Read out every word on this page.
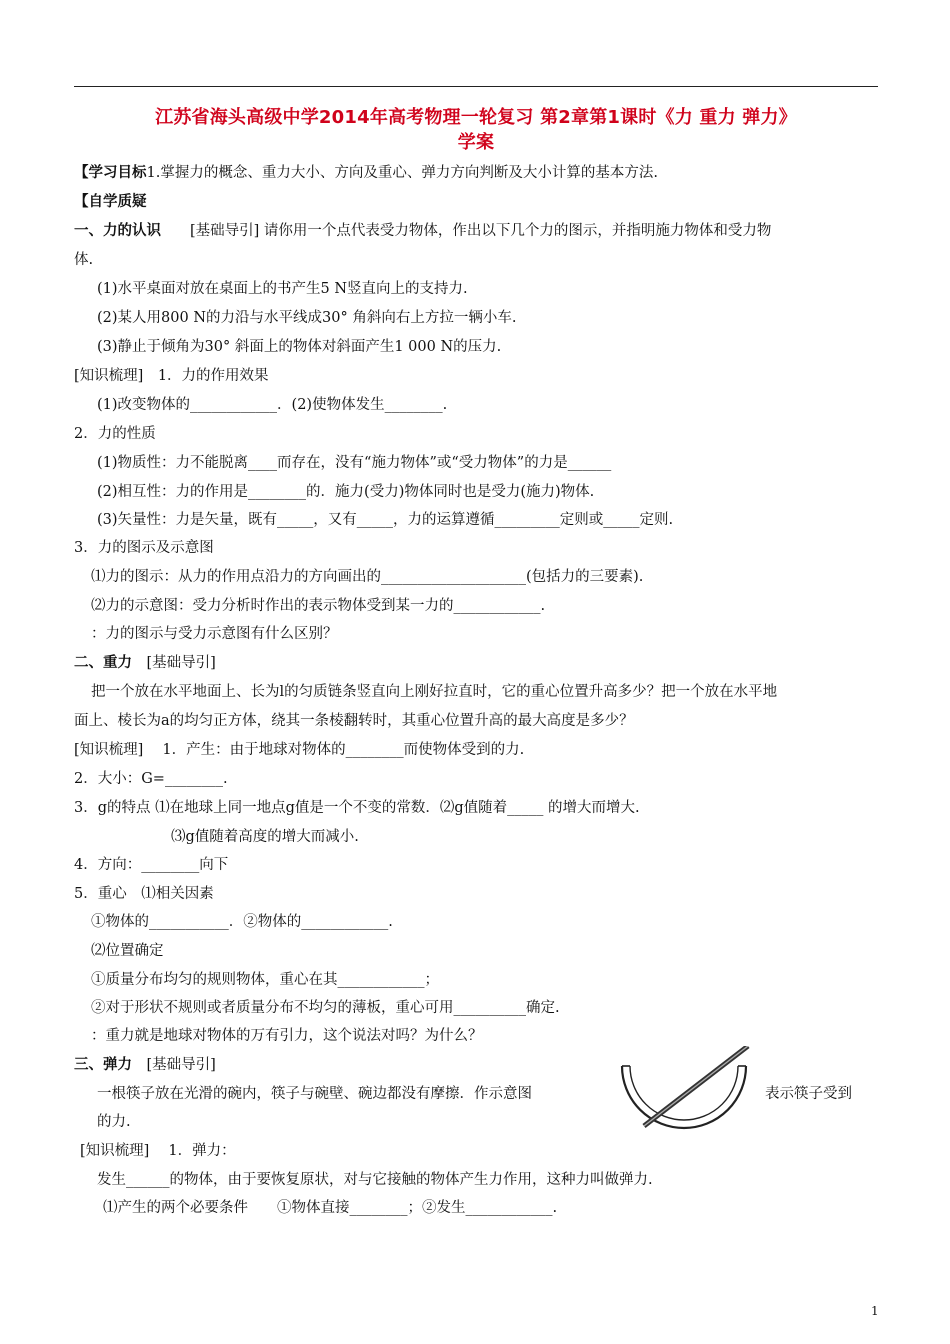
江苏省海头高级中学2014年高考物理一轮复习 第2章第1课时《力 重力 弹力》
学案
【学习目标1.掌握力的概念、重力大小、方向及重心、弹力方向判断及大小计算的基本方法.
【自学质疑
一、力的认识　　[基础导引] 请你用一个点代表受力物体，作出以下几个力的图示，并指明施力物体和受力物
体.
(1)水平桌面对放在桌面上的书产生5 N竖直向上的支持力.
(2)某人用800 N的力沿与水平线成30° 角斜向右上方拉一辆小车.
(3)静止于倾角为30° 斜面上的物体对斜面产生1 000 N的压力.
[知识梳理]　1．力的作用效果
(1)改变物体的____________．(2)使物体发生________.
2．力的性质
(1)物质性：力不能脱离____而存在，没有“施力物体”或“受力物体”的力是______
(2)相互性：力的作用是________的．施力(受力)物体同时也是受力(施力)物体.
(3)矢量性：力是矢量，既有_____，又有_____，力的运算遵循_________定则或_____定则.
3．力的图示及示意图
⑴力的图示：从力的作用点沿力的方向画出的____________________(包括力的三要素).
⑵力的示意图：受力分析时作出的表示物体受到某一力的____________.
：力的图示与受力示意图有什么区别？
二、重力　[基础导引]
把一个放在水平地面上、长为l的匀质链条竖直向上刚好拉直时，它的重心位置升高多少？把一个放在水平地
面上、棱长为a的均匀正方体，绕其一条棱翻转时，其重心位置升高的最大高度是多少？
[知识梳理]　 1．产生：由于地球对物体的________而使物体受到的力.
2．大小：G=________.
3．g的特点 ⑴在地球上同一地点g值是一个不变的常数．⑵g值随着_____ 的增大而增大.
⑶g值随着高度的增大而减小.
4．方向：________向下
5．重心　⑴相关因素
①物体的___________．②物体的____________.
⑵位置确定
①质量分布均匀的规则物体，重心在其____________；
②对于形状不规则或者质量分布不均匀的薄板，重心可用__________确定.
：重力就是地球对物体的万有引力，这个说法对吗？为什么？
三、弹力　[基础导引]
一根筷子放在光滑的碗内，筷子与碗壁、碗边都没有摩擦．作示意图	表示筷子受到
的力.
[知识梳理]　 1．弹力：
发生______的物体，由于要恢复原状，对与它接触的物体产生力作用，这种力叫做弹力.
⑴产生的两个必要条件　　①物体直接________；②发生____________.
1
